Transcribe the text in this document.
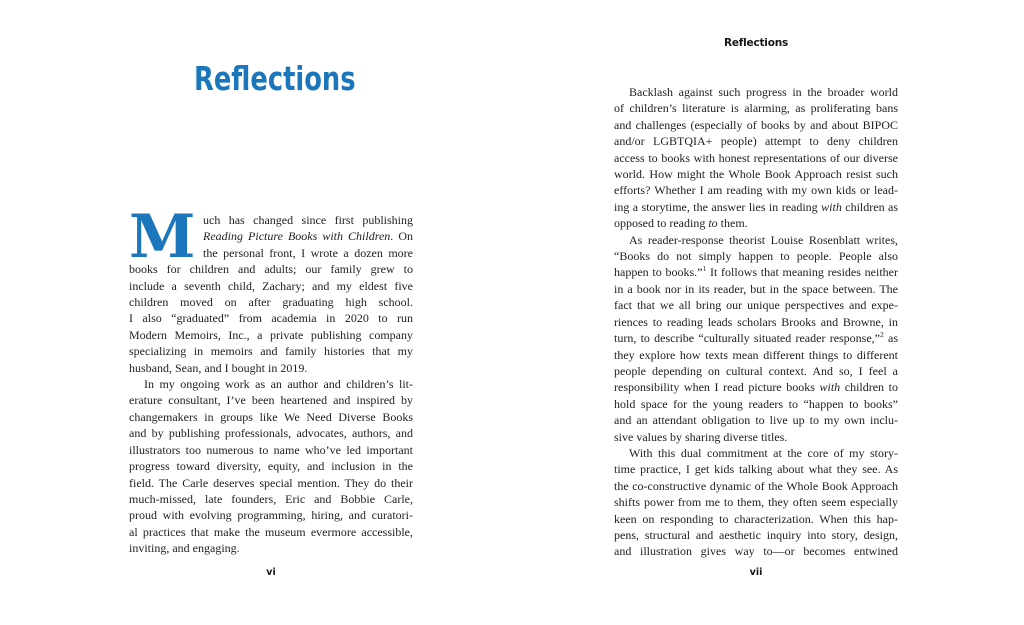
Reflections
Reflections
M uch has changed since first publishing
Reading Picture Books with Children. On
the personal front, I wrote a dozen more
books for children and adults; our family grew to
include a seventh child, Zachary; and my eldest five
children moved on after graduating high school.
I also “graduated” from academia in 2020 to run
Modern Memoirs, Inc., a private publishing company
specializing in memoirs and family histories that my
husband, Sean, and I bought in 2019.
In my ongoing work as an author and children’s lit-
erature consultant, I’ve been heartened and inspired by
changemakers in groups like We Need Diverse Books
and by publishing professionals, advocates, authors, and
illustrators too numerous to name who’ve led important
progress toward diversity, equity, and inclusion in the
field. The Carle deserves special mention. They do their
much-missed, late founders, Eric and Bobbie Carle,
proud with evolving programming, hiring, and curatori-
al practices that make the museum evermore accessible,
inviting, and engaging.
Backlash against such progress in the broader world
of children’s literature is alarming, as proliferating bans
and challenges (especially of books by and about BIPOC
and/or LGBTQIA+ people) attempt to deny children
access to books with honest representations of our diverse
world. How might the Whole Book Approach resist such
efforts? Whether I am reading with my own kids or lead-
ing a storytime, the answer lies in reading with children as
opposed to reading to them.
As reader-response theorist Louise Rosenblatt writes,
“Books do not simply happen to people. People also
happen to books.”$^1$ It follows that meaning resides neither
in a book nor in its reader, but in the space between. The
fact that we all bring our unique perspectives and expe-
riences to reading leads scholars Brooks and Browne, in
turn, to describe “culturally situated reader response,”$^2$ as
they explore how texts mean different things to different
people depending on cultural context. And so, I feel a
responsibility when I read picture books with children to
hold space for the young readers to “happen to books”
and an attendant obligation to live up to my own inclu-
sive values by sharing diverse titles.
With this dual commitment at the core of my story-
time practice, I get kids talking about what they see. As
the co-constructive dynamic of the Whole Book Approach
shifts power from me to them, they often seem especially
keen on responding to characterization. When this hap-
pens, structural and aesthetic inquiry into story, design,
and illustration gives way to—or becomes entwined
vi	vii
